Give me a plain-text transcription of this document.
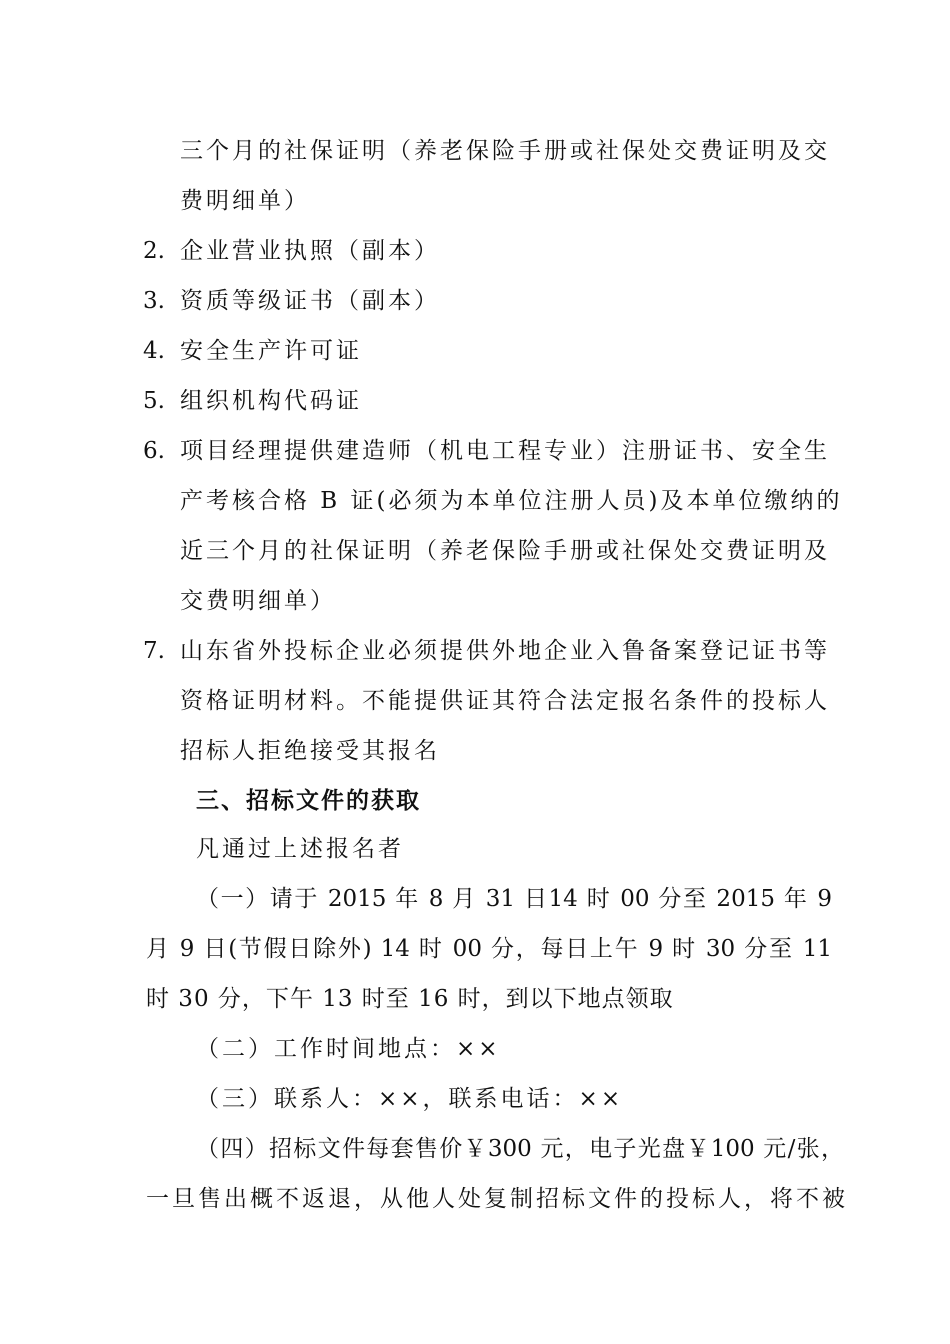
三个月的社保证明（养老保险手册或社保处交费证明及交
费明细单）
2. 企业营业执照（副本）
3. 资质等级证书（副本）
4. 安全生产许可证
5. 组织机构代码证
6. 项目经理提供建造师（机电工程专业）注册证书、安全生
产考核合格 B 证(必须为本单位注册人员)及本单位缴纳的
近三个月的社保证明（养老保险手册或社保处交费证明及
交费明细单）
7. 山东省外投标企业必须提供外地企业入鲁备案登记证书等
资格证明材料。不能提供证其符合法定报名条件的投标人
招标人拒绝接受其报名
三、招标文件的获取
凡通过上述报名者
（一）请于 2015 年 8 月 31 日14 时 00 分至 2015 年 9
月 9 日(节假日除外) 14 时 00 分，每日上午 9 时 30 分至 11
时 30 分，下午 13 时至 16 时，到以下地点领取
（二）工作时间地点：××
（三）联系人：××，联系电话：××
（四）招标文件每套售价￥300 元，电子光盘￥100 元/张，
一旦售出概不返退，从他人处复制招标文件的投标人，将不被
